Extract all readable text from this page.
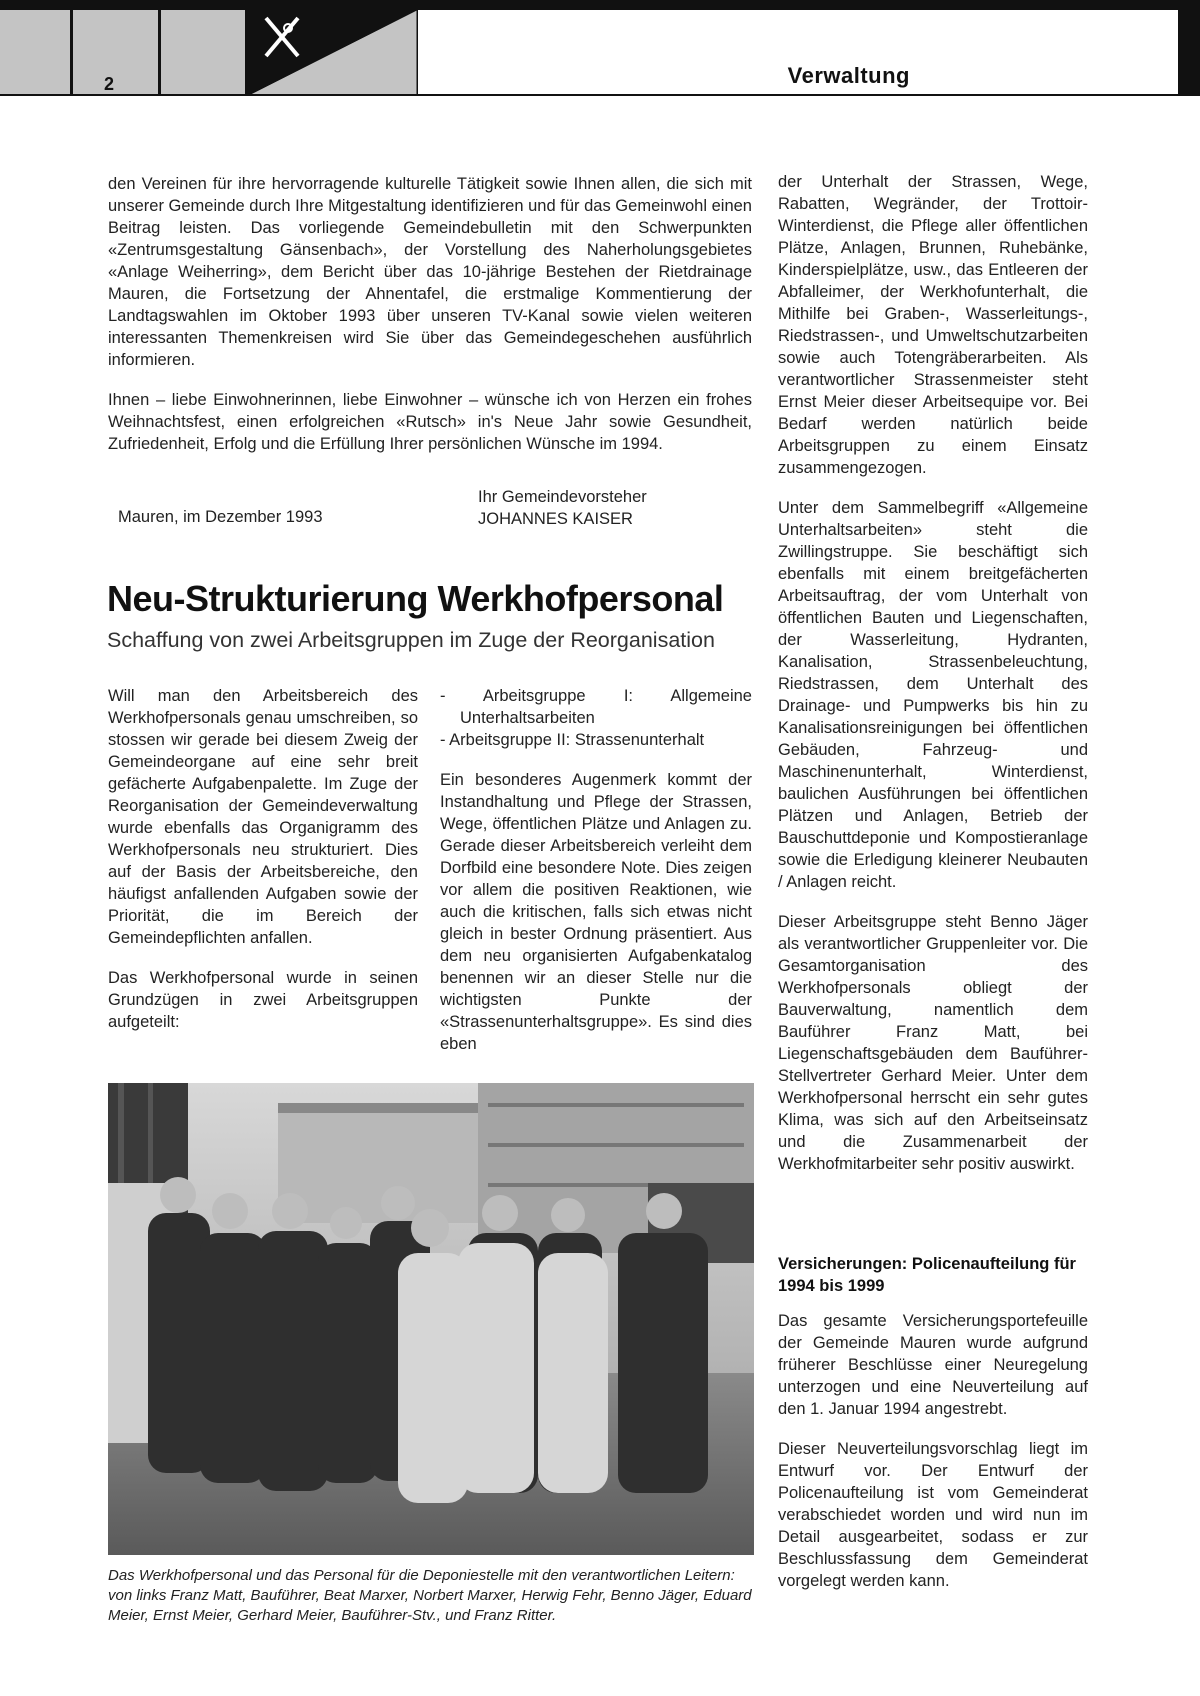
2	Verwaltung

den Vereinen für ihre hervorragende kulturelle Tätigkeit sowie Ihnen allen, die sich mit unserer Gemeinde durch Ihre Mitgestaltung identifizieren und für das Gemeinwohl einen Beitrag leisten. Das vorliegende Gemeindebulletin mit den Schwerpunkten «Zentrumsgestaltung Gänsenbach», der Vorstellung des Naherholungsgebietes «Anlage Weiherring», dem Bericht über das 10-jährige Bestehen der Rietdrainage Mauren, die Fortsetzung der Ahnentafel, die erstmalige Kommentierung der Landtagswahlen im Oktober 1993 über unseren TV-Kanal sowie vielen weiteren interessanten Themenkreisen wird Sie über das Gemeindegeschehen ausführlich informieren.

Ihnen – liebe Einwohnerinnen, liebe Einwohner – wünsche ich von Herzen ein frohes Weihnachtsfest, einen erfolgreichen «Rutsch» in's Neue Jahr sowie Gesundheit, Zufriedenheit, Erfolg und die Erfüllung Ihrer persönlichen Wünsche im 1994.

Mauren, im Dezember 1993
Ihr Gemeindevorsteher
JOHANNES KAISER
Neu-Strukturierung Werkhofpersonal
Schaffung von zwei Arbeitsgruppen im Zuge der Reorganisation

Will man den Arbeitsbereich des Werkhofpersonals genau umschreiben, so stossen wir gerade bei diesem Zweig der Gemeindeorgane auf eine sehr breit gefächerte Aufgabenpalette. Im Zuge der Reorganisation der Gemeindeverwaltung wurde ebenfalls das Organigramm des Werkhofpersonals neu strukturiert. Dies auf der Basis der Arbeitsbereiche, den häufigst anfallenden Aufgaben sowie der Priorität, die im Bereich der Gemeindepflichten anfallen.

Das Werkhofpersonal wurde in seinen Grundzügen in zwei Arbeitsgruppen aufgeteilt:

- Arbeitsgruppe I: Allgemeine Unterhaltsarbeiten

- Arbeitsgruppe II: Strassenunterhalt

Ein besonderes Augenmerk kommt der Instandhaltung und Pflege der Strassen, Wege, öffentlichen Plätze und Anlagen zu. Gerade dieser Arbeitsbereich verleiht dem Dorfbild eine besondere Note. Dies zeigen vor allem die positiven Reaktionen, wie auch die kritischen, falls sich etwas nicht gleich in bester Ordnung präsentiert. Aus dem neu organisierten Aufgabenkatalog benennen wir an dieser Stelle nur die wichtigsten Punkte der «Strassenunterhaltsgruppe». Es sind dies eben

der Unterhalt der Strassen, Wege, Rabatten, Wegränder, der Trottoir-Winterdienst, die Pflege aller öffentlichen Plätze, Anlagen, Brunnen, Ruhebänke, Kinderspielplätze, usw., das Entleeren der Abfalleimer, der Werkhofunterhalt, die Mithilfe bei Graben-, Wasserleitungs-, Riedstrassen-, und Umweltschutzarbeiten sowie auch Totengräberarbeiten. Als verantwortlicher Strassenmeister steht Ernst Meier dieser Arbeitsequipe vor. Bei Bedarf werden natürlich beide Arbeitsgruppen zu einem Einsatz zusammengezogen.

Unter dem Sammelbegriff «Allgemeine Unterhaltsarbeiten» steht die Zwillingstruppe. Sie beschäftigt sich ebenfalls mit einem breitgefächerten Arbeitsauftrag, der vom Unterhalt von öffentlichen Bauten und Liegenschaften, der Wasserleitung, Hydranten, Kanalisation, Strassenbeleuchtung, Riedstrassen, dem Unterhalt des Drainage- und Pumpwerks bis hin zu Kanalisationsreinigungen bei öffentlichen Gebäuden, Fahrzeug- und Maschinenunterhalt, Winterdienst, baulichen Ausführungen bei öffentlichen Plätzen und Anlagen, Betrieb der Bauschuttdeponie und Kompostieranlage sowie die Erledigung kleinerer Neubauten / Anlagen reicht.

Dieser Arbeitsgruppe steht Benno Jäger als verantwortlicher Gruppenleiter vor. Die Gesamtorganisation des Werkhofpersonals obliegt der Bauverwaltung, namentlich dem Bauführer Franz Matt, bei Liegenschaftsgebäuden dem Bauführer-Stellvertreter Gerhard Meier. Unter dem Werkhofpersonal herrscht ein sehr gutes Klima, was sich auf den Arbeitseinsatz und die Zusammenarbeit der Werkhofmitarbeiter sehr positiv auswirkt.

Versicherungen: Policenaufteilung für 1994 bis 1999

Das gesamte Versicherungsportefeuille der Gemeinde Mauren wurde aufgrund früherer Beschlüsse einer Neuregelung unterzogen und eine Neuverteilung auf den 1. Januar 1994 angestrebt.

Dieser Neuverteilungsvorschlag liegt im Entwurf vor. Der Entwurf der Policenaufteilung ist vom Gemeinderat verabschiedet worden und wird nun im Detail ausgearbeitet, sodass er zur Beschlussfassung dem Gemeinderat vorgelegt werden kann.

Das Werkhofpersonal und das Personal für die Deponiestelle mit den verantwortlichen Leitern: von links Franz Matt, Bauführer, Beat Marxer, Norbert Marxer, Herwig Fehr, Benno Jäger, Eduard Meier, Ernst Meier, Gerhard Meier, Bauführer-Stv., und Franz Ritter.
